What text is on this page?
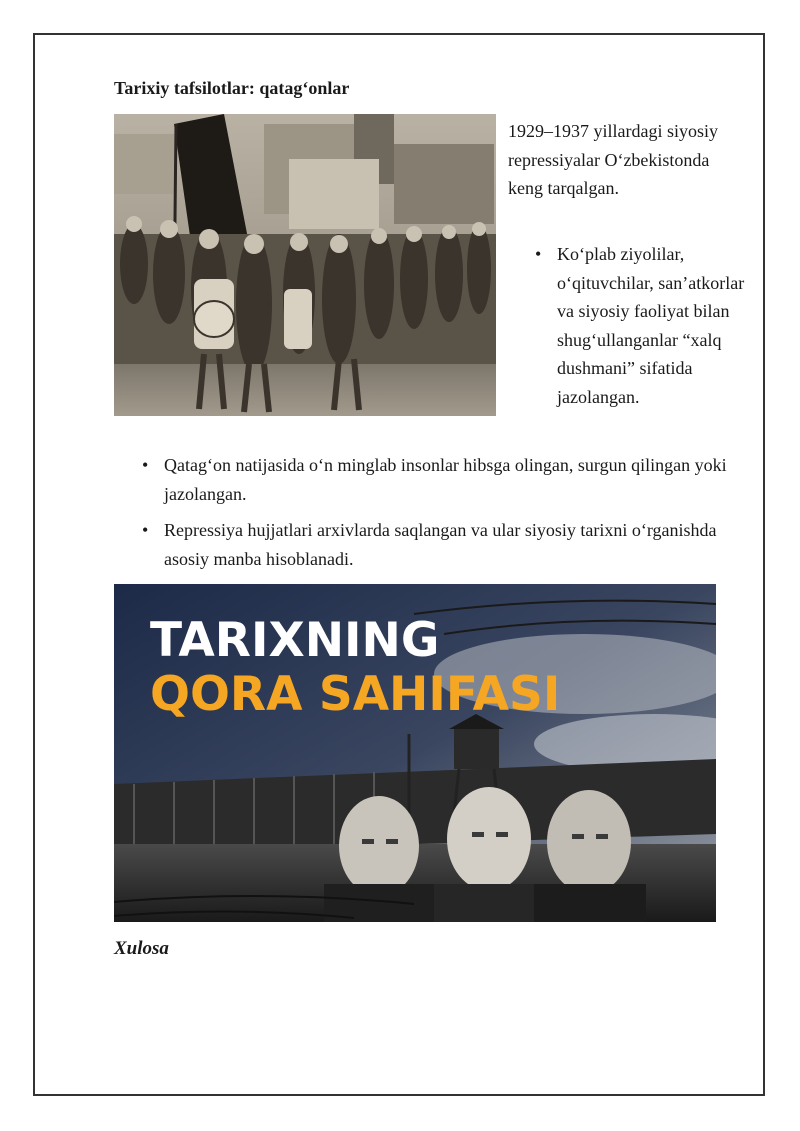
Tarixiy tafsilotlar: qatag‘onlar

1929–1937 yillardagi siyosiy repressiyalar O‘zbekistonda keng tarqalgan.

• Ko‘plab ziyolilar, o‘qituvchilar, san’atkorlar va siyosiy faoliyat bilan shug‘ullanganlar “xalq dushmani” sifatida jazolangan.
• Qatag‘on natijasida o‘n minglab insonlar hibsga olingan, surgun qilingan yoki jazolangan.
• Repressiya hujjatlari arxivlarda saqlangan va ular siyosiy tarixni o‘rganishda asosiy manba hisoblanadi.
TARIXNING
QORA SAHIFASI

Xulosa
